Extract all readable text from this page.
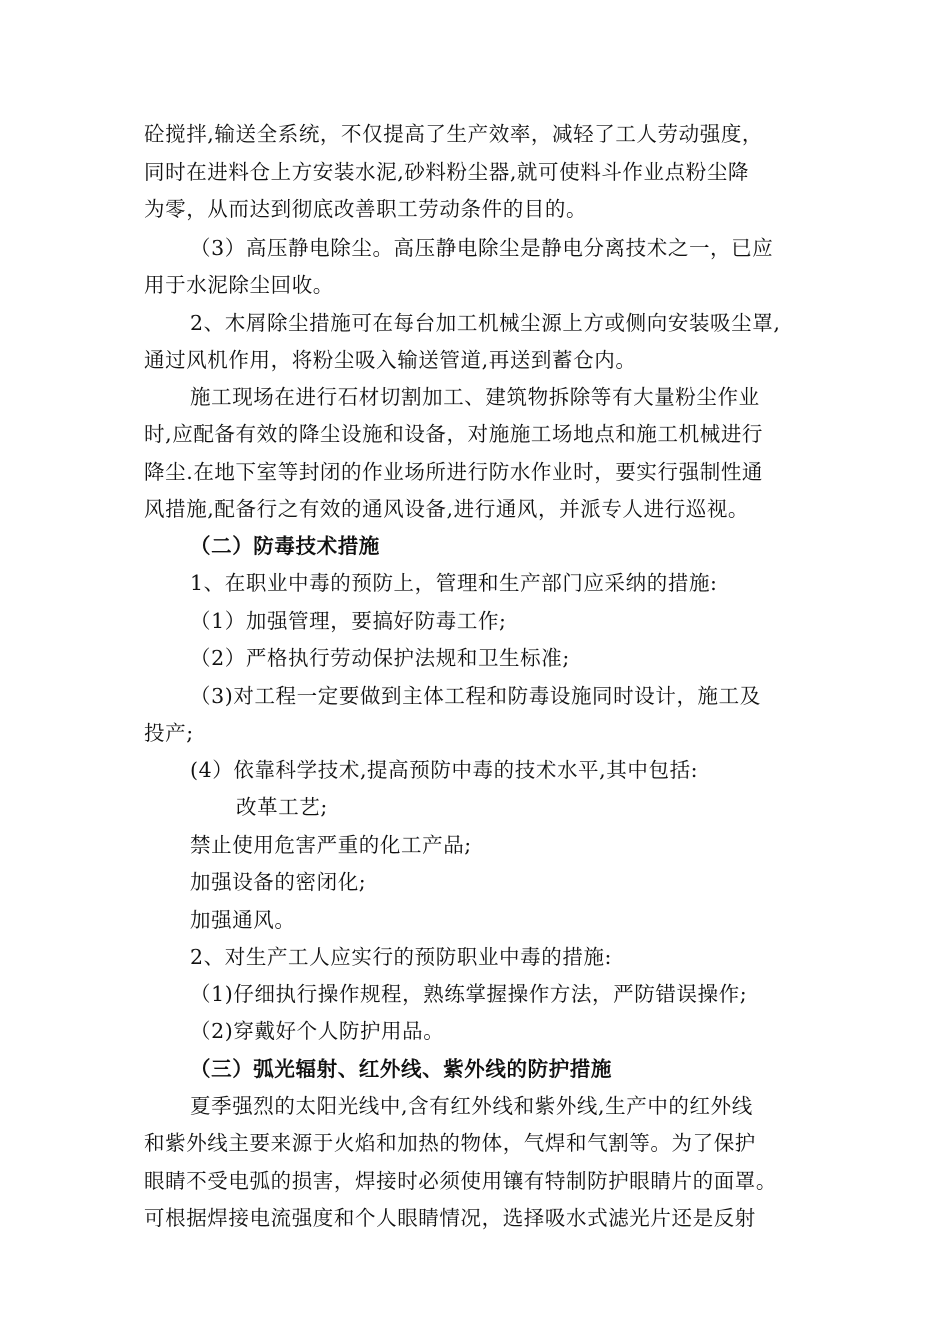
砼搅拌,输送全系统，不仅提高了生产效率，减轻了工人劳动强度，
同时在进料仓上方安装水泥,砂料粉尘器,就可使料斗作业点粉尘降
为零，从而达到彻底改善职工劳动条件的目的。
（3）高压静电除尘。高压静电除尘是静电分离技术之一，已应
用于水泥除尘回收。
2、木屑除尘措施可在每台加工机械尘源上方或侧向安装吸尘罩,
通过风机作用，将粉尘吸入输送管道,再送到蓄仓内。
施工现场在进行石材切割加工、建筑物拆除等有大量粉尘作业
时,应配备有效的降尘设施和设备，对施施工场地点和施工机械进行
降尘.在地下室等封闭的作业场所进行防水作业时，要实行强制性通
风措施,配备行之有效的通风设备,进行通风，并派专人进行巡视。
（二）防毒技术措施
1、在职业中毒的预防上，管理和生产部门应采纳的措施:
（1）加强管理，要搞好防毒工作;
（2）严格执行劳动保护法规和卫生标准;
（3)对工程一定要做到主体工程和防毒设施同时设计，施工及
投产;
(4）依靠科学技术,提高预防中毒的技术水平,其中包括:
改革工艺;
禁止使用危害严重的化工产品;
加强设备的密闭化;
加强通风。
2、对生产工人应实行的预防职业中毒的措施:
（1)仔细执行操作规程，熟练掌握操作方法，严防错误操作;
（2)穿戴好个人防护用品。
（三）弧光辐射、红外线、紫外线的防护措施
夏季强烈的太阳光线中,含有红外线和紫外线,生产中的红外线
和紫外线主要来源于火焰和加热的物体，气焊和气割等。为了保护
眼睛不受电弧的损害，焊接时必须使用镶有特制防护眼睛片的面罩。
可根据焊接电流强度和个人眼睛情况，选择吸水式滤光片还是反射
